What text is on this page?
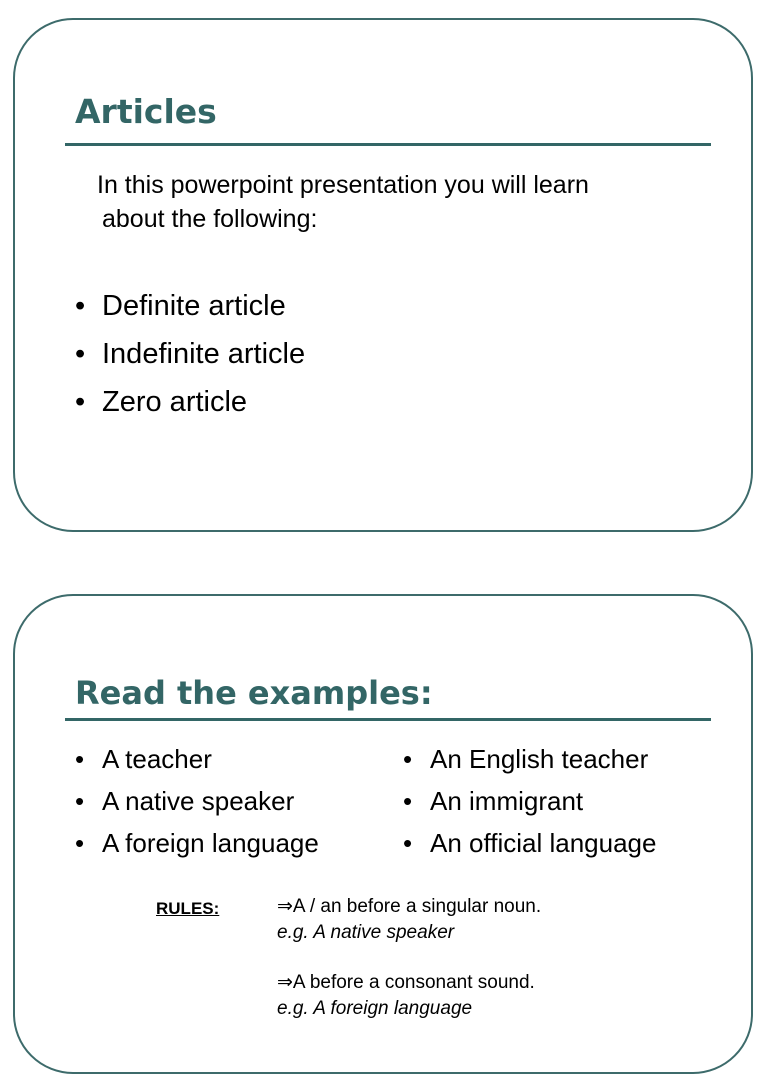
Articles
In this powerpoint presentation you will learn
about the following:
• Definite article
• Indefinite article
• Zero article
Read the examples:
• A teacher
• A native speaker
• A foreign language
• An English teacher
• An immigrant
• An official language
RULES:	⇒A / an before a singular noun.
e.g. A native speaker
⇒A before a consonant sound.
e.g. A foreign language
